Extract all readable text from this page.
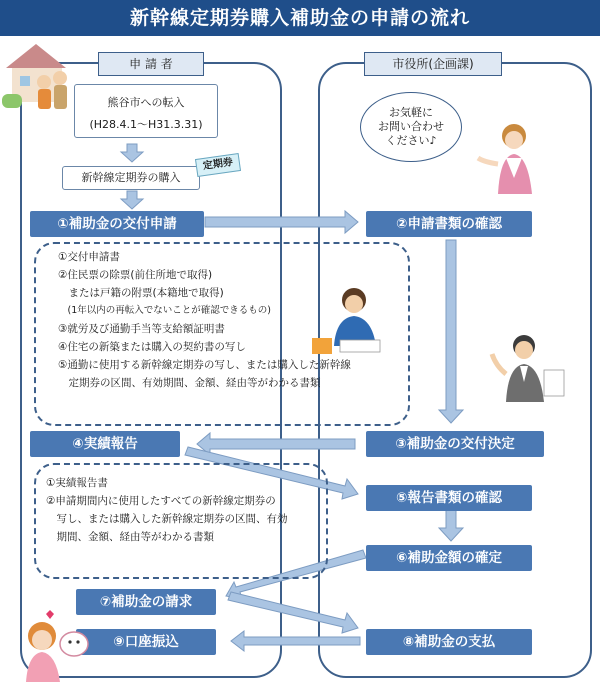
新幹線定期券購入補助金の申請の流れ
申 請 者	市役所(企画課)
熊谷市への転入
(H28.4.1～H31.3.31)
新幹線定期券の購入
定期券
お気軽に
お問い合わせ
ください♪
①補助金の交付申請	②申請書類の確認
③補助金の交付決定
④実績報告
⑤報告書類の確認
⑥補助金額の確定
⑦補助金の請求
⑧補助金の支払
⑨口座振込
①交付申請書
②住民票の除票(前住所地で取得)
　または戸籍の附票(本籍地で取得)
　(1年以内の再転入でないことが確認できるもの)
③就労及び通勤手当等支給額証明書
④住宅の新築または購入の契約書の写し
⑤通勤に使用する新幹線定期券の写し、または購入した新幹線
　定期券の区間、有効期間、金額、経由等がわかる書類
①実績報告書
②申請期間内に使用したすべての新幹線定期券の
　写し、または購入した新幹線定期券の区間、有効
　期間、金額、経由等がわかる書類
